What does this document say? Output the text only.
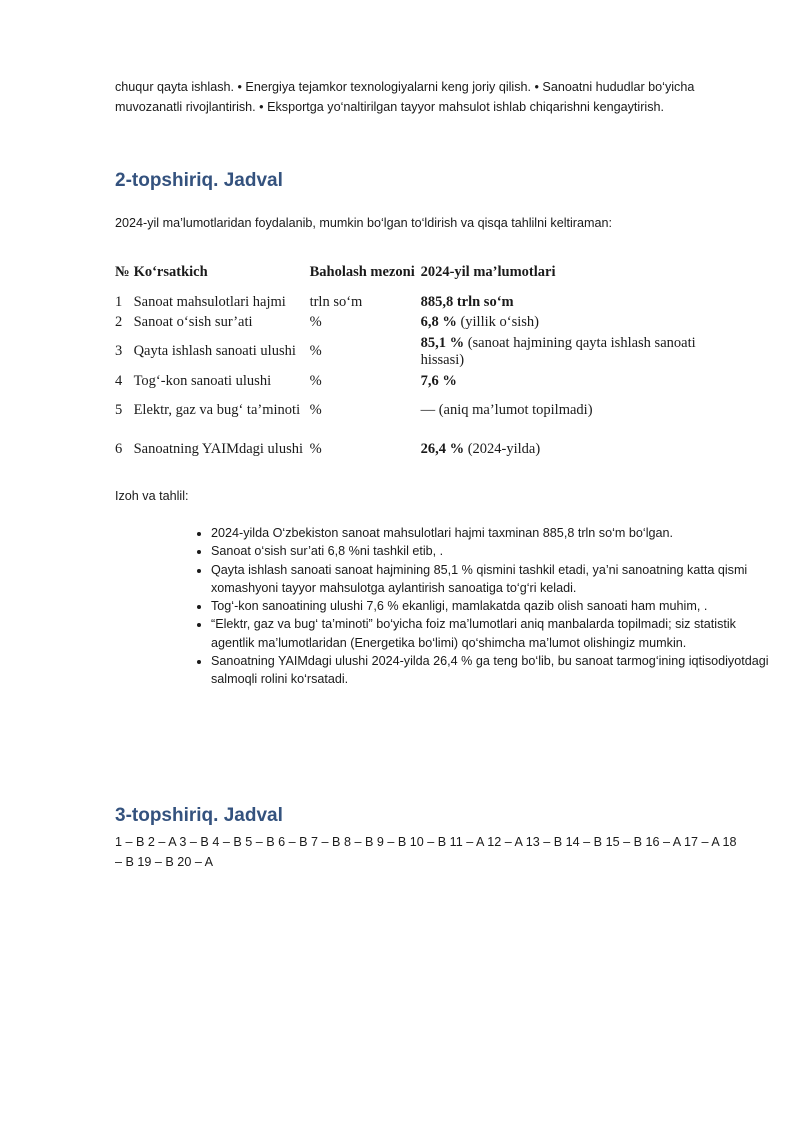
chuqur qayta ishlash. • Energiya tejamkor texnologiyalarni keng joriy qilish. • Sanoatni hududlar bo‘yicha muvozanatli rivojlantirish. • Eksportga yo‘naltirilgan tayyor mahsulot ishlab chiqarishni kengaytirish.

2-topshiriq. Jadval

2024-yil ma’lumotlaridan foydalanib, mumkin bo‘lgan to‘ldirish va qisqa tahlilni keltiraman:

№	Ko‘rsatkich	Baholash mezoni	2024-yil ma’lumotlari
1	Sanoat mahsulotlari hajmi	trln so‘m	885,8 trln so‘m
2	Sanoat o‘sish sur’ati	%	6,8 % (yillik o‘sish)
3	Qayta ishlash sanoati ulushi	%	85,1 % (sanoat hajmining qayta ishlash sanoati hissasi)
4	Tog‘-kon sanoati ulushi	%	7,6 %
5	Elektr, gaz va bug‘ ta’minoti	%	— (aniq ma’lumot topilmadi)
6	Sanoatning YAIMdagi ulushi	%	26,4 % (2024-yilda)

Izoh va tahlil:

• 2024-yilda O‘zbekiston sanoat mahsulotlari hajmi taxminan 885,8 trln so‘m bo‘lgan.
• Sanoat o‘sish sur’ati 6,8 %ni tashkil etib, .
• Qayta ishlash sanoati sanoat hajmining 85,1 % qismini tashkil etadi, ya’ni sanoatning katta qismi xomashyoni tayyor mahsulotga aylantirish sanoatiga to‘g‘ri keladi.
• Tog‘-kon sanoatining ulushi 7,6 % ekanligi, mamlakatda qazib olish sanoati ham muhim, .
• “Elektr, gaz va bug‘ ta’minoti” bo‘yicha foiz ma’lumotlari aniq manbalarda topilmadi; siz statistik agentlik ma’lumotlaridan (Energetika bo‘limi) qo‘shimcha ma’lumot olishingiz mumkin.
• Sanoatning YAIMdagi ulushi 2024-yilda 26,4 % ga teng bo‘lib, bu sanoat tarmog‘ining iqtisodiyotdagi salmoqli rolini ko‘rsatadi.
3-topshiriq. Jadval

1 – B 2 – A 3 – B 4 – B 5 – B 6 – B 7 – B 8 – B 9 – B 10 – B 11 – A 12 – A 13 – B 14 – B 15 – B 16 – A 17 – A 18 – B 19 – B 20 – A
